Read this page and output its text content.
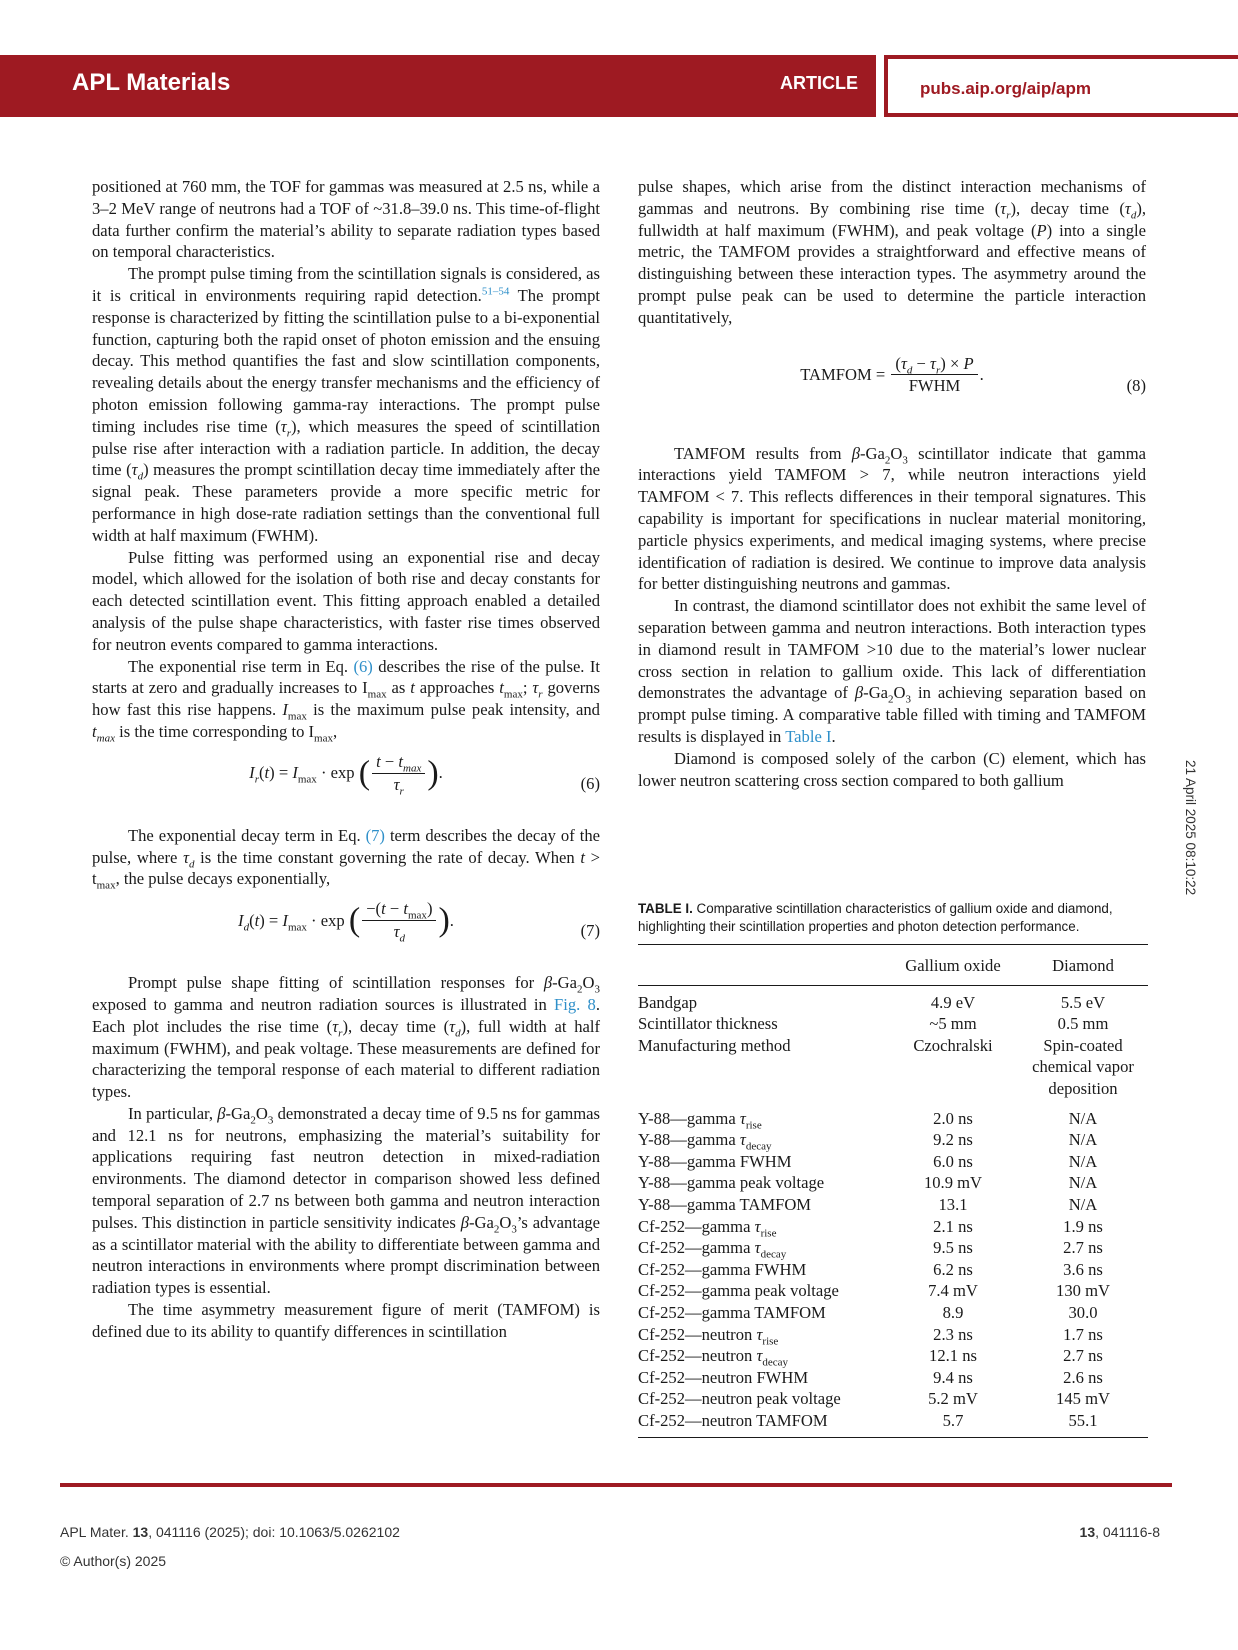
APL Materials	ARTICLE	pubs.aip.org/aip/apm

positioned at 760 mm, the TOF for gammas was measured at 2.5 ns, while a 3–2 MeV range of neutrons had a TOF of ~31.8–39.0 ns. This time-of-flight data further confirm the material’s ability to separate radiation types based on temporal characteristics.

The prompt pulse timing from the scintillation signals is considered, as it is critical in environments requiring rapid detection.$^{51-54}$ The prompt response is characterized by fitting the scintillation pulse to a bi-exponential function, capturing both the rapid onset of photon emission and the ensuing decay. This method quantifies the fast and slow scintillation components, revealing details about the energy transfer mechanisms and the efficiency of photon emission following gamma-ray interactions. The prompt pulse timing includes rise time $(\tau_r)$, which measures the speed of scintillation pulse rise after interaction with a radiation particle. In addition, the decay time $(\tau_d)$ measures the prompt scintillation decay time immediately after the signal peak. These parameters provide a more specific metric for performance in high dose-rate radiation settings than the conventional full width at half maximum (FWHM).

Pulse fitting was performed using an exponential rise and decay model, which allowed for the isolation of both rise and decay constants for each detected scintillation event. This fitting approach enabled a detailed analysis of the pulse shape characteristics, with faster rise times observed for neutron events compared to gamma interactions.

The exponential rise term in Eq. (6) describes the rise of the pulse. It starts at zero and gradually increases to $I_{max}$ as t approaches $t_{max}$; $\tau_r$ governs how fast this rise happens. $I_{max}$ is the maximum pulse peak intensity, and $t_{max}$ is the time corresponding to $I_{max}$,

$I_r(t) = I_{max} \cdot \exp$ ( $\frac{t - t_{max}}{\tau_r}$ ).
(6)

The exponential decay term in Eq. (7) term describes the decay of the pulse, where $\tau_d$ is the time constant governing the rate of decay. When $t > t_{max}$, the pulse decays exponentially,

$I_d(t) = I_{max} \cdot \exp$ ( $\frac{-(t - t_{max})}{\tau_d}$ ).
(7)

Prompt pulse shape fitting of scintillation responses for $\beta-Ga_2O_3$ exposed to gamma and neutron radiation sources is illustrated in Fig. 8. Each plot includes the rise time $(\tau_r)$, decay time $(\tau_d)$, full width at half maximum (FWHM), and peak voltage. These measurements are defined for characterizing the temporal response of each material to different radiation types.

In particular, $\beta-Ga_2O_3$ demonstrated a decay time of 9.5 ns for gammas and 12.1 ns for neutrons, emphasizing the material’s suitability for applications requiring fast neutron detection in mixed-radiation environments. The diamond detector in comparison showed less defined temporal separation of 2.7 ns between both gamma and neutron interaction pulses. This distinction in particle sensitivity indicates $\beta-Ga_2O_3’s$ advantage as a scintillator material with the ability to differentiate between gamma and neutron interactions in environments where prompt discrimination between radiation types is essential.

The time asymmetry measurement figure of merit (TAMFOM) is defined due to its ability to quantify differences in scintillation

pulse shapes, which arise from the distinct interaction mechanisms of gammas and neutrons. By combining rise time $(\tau_r)$, decay time $(\tau_d)$, fullwidth at half maximum (FWHM), and peak voltage (P) into a single metric, the TAMFOM provides a straightforward and effective means of distinguishing between these interaction types. The asymmetry around the prompt pulse peak can be used to determine the particle interaction quantitatively,

TAMFOM = $\frac{(\tau_d - \tau_r) \times P}{\text{FWHM}}$ .
(8)

TAMFOM results from $\beta-Ga_2O_3$ scintillator indicate that gamma interactions yield TAMFOM > 7, while neutron interactions yield TAMFOM < 7. This reflects differences in their temporal signatures. This capability is important for specifications in nuclear material monitoring, particle physics experiments, and medical imaging systems, where precise identification of radiation is desired. We continue to improve data analysis for better distinguishing neutrons and gammas.

In contrast, the diamond scintillator does not exhibit the same level of separation between gamma and neutron interactions. Both interaction types in diamond result in TAMFOM >10 due to the material’s lower nuclear cross section in relation to gallium oxide. This lack of differentiation demonstrates the advantage of $\beta-Ga_2O_3$ in achieving separation based on prompt pulse timing. A comparative table filled with timing and TAMFOM results is displayed in Table I.

Diamond is composed solely of the carbon (C) element, which has lower neutron scattering cross section compared to both gallium

TABLE I. Comparative scintillation characteristics of gallium oxide and diamond, highlighting their scintillation properties and photon detection performance.
	Gallium oxide	Diamond
Bandgap	4.9 eV	5.5 eV
Scintillator thickness	~5 mm	0.5 mm
Manufacturing method	Czochralski	Spin-coated chemical vapor deposition
Y-88—gamma $\tau_{rise}$	2.0 ns	N/A
Y-88—gamma $\tau_{decay}$	9.2 ns	N/A
Y-88—gamma FWHM	6.0 ns	N/A
Y-88—gamma peak voltage	10.9 mV	N/A
Y-88—gamma TAMFOM	13.1	N/A
Cf-252—gamma $\tau_{rise}$	2.1 ns	1.9 ns
Cf-252—gamma $\tau_{decay}$	9.5 ns	2.7 ns
Cf-252—gamma FWHM	6.2 ns	3.6 ns
Cf-252—gamma peak voltage	7.4 mV	130 mV
Cf-252—gamma TAMFOM	8.9	30.0
Cf-252—neutron $\tau_{rise}$	2.3 ns	1.7 ns
Cf-252—neutron $\tau_{decay}$	12.1 ns	2.7 ns
Cf-252—neutron FWHM	9.4 ns	2.6 ns
Cf-252—neutron peak voltage	5.2 mV	145 mV
Cf-252—neutron TAMFOM	5.7	55.1
21 April 2025 08:10:22
APL Mater. 13, 041116 (2025); doi: 10.1063/5.0262102
© Author(s) 2025
13, 041116-8
